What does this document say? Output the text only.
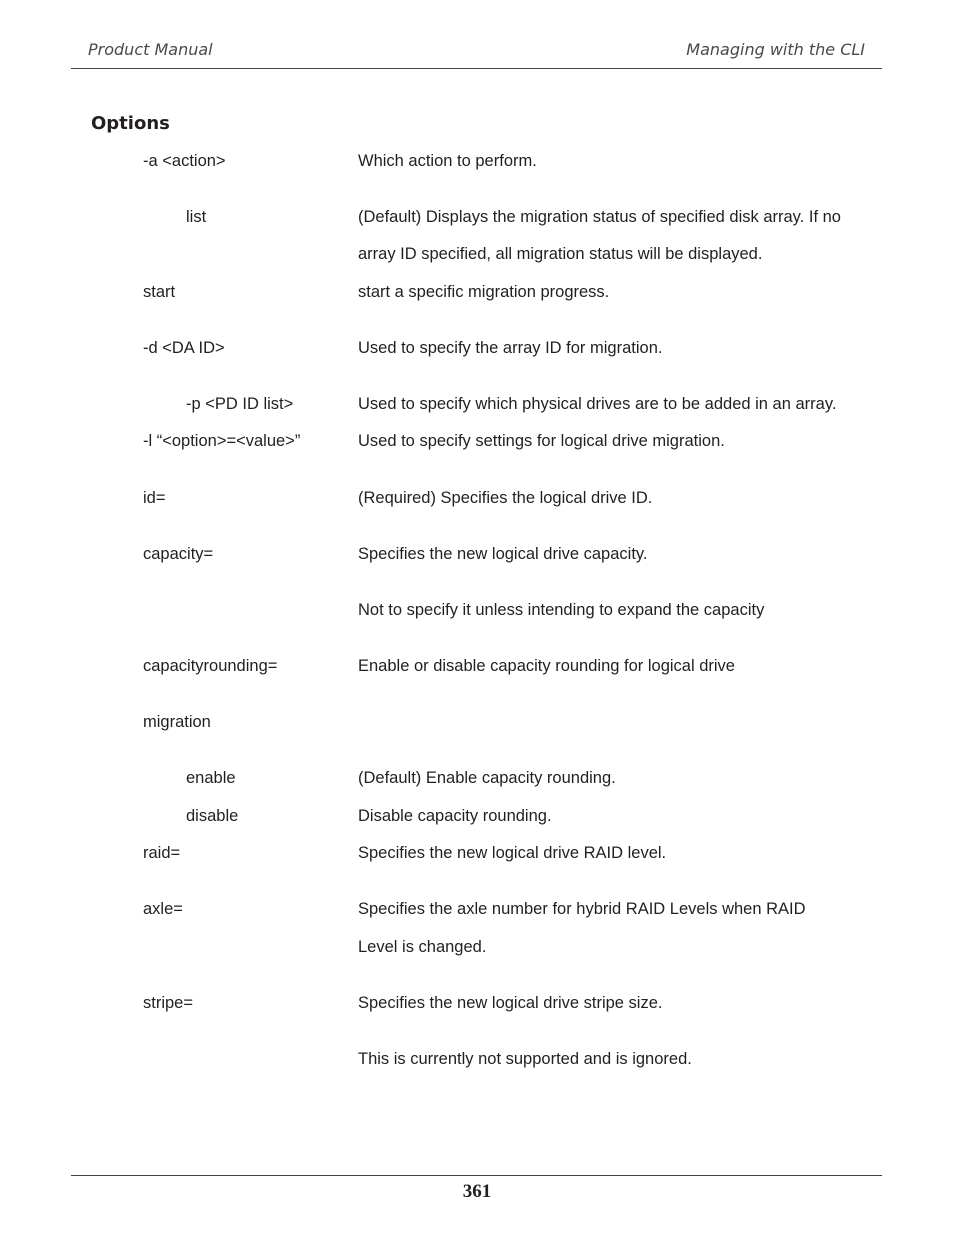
Product Manual	Managing with the CLI
Options
-a <action>	Which action to perform.
list	(Default) Displays the migration status of specified disk array. If no
array ID specified, all migration status will be displayed.
start	start a specific migration progress.
-d <DA ID>	Used to specify the array ID for migration.
-p <PD ID list>	Used to specify which physical drives are to be added in an array.
-l “<option>=<value>”	Used to specify settings for logical drive migration.
id=	(Required) Specifies the logical drive ID.
capacity=	Specifies the new logical drive capacity.
Not to specify it unless intending to expand the capacity
capacityrounding=	Enable or disable capacity rounding for logical drive
migration
enable	(Default) Enable capacity rounding.
disable	Disable capacity rounding.
raid=	Specifies the new logical drive RAID level.
axle=	Specifies the axle number for hybrid RAID Levels when RAID
Level is changed.
stripe=	Specifies the new logical drive stripe size.
This is currently not supported and is ignored.
361
